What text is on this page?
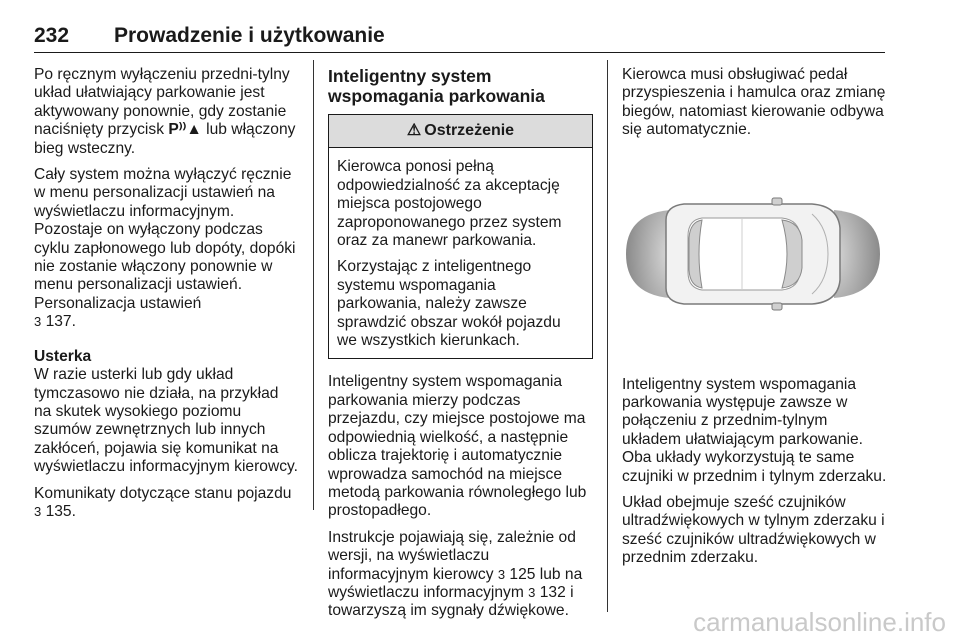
232 Prowadzenie i użytkowanie

Po ręcznym wyłączeniu przedni-tylny układ ułatwiający parkowanie jest aktywowany ponownie, gdy zostanie naciśnięty przycisk P⁾⁾▲ lub włączony bieg wsteczny.

Cały system można wyłączyć ręcznie w menu personalizacji ustawień na wyświetlaczu informacyjnym. Pozostaje on wyłączony podczas cyklu zapłonowego lub dopóty, dopóki nie zostanie włączony ponownie w menu personalizacji ustawień. Personalizacja ustawień
3 137.

Usterka

W razie usterki lub gdy układ tymczasowo nie działa, na przykład na skutek wysokiego poziomu szumów zewnętrznych lub innych zakłóceń, pojawia się komunikat na wyświetlaczu informacyjnym kierowcy.

Komunikaty dotyczące stanu pojazdu
3 135.

Inteligentny system wspomagania parkowania

⚠ Ostrzeżenie

Kierowca ponosi pełną odpowiedzialność za akceptację miejsca postojowego zaproponowanego przez system oraz za manewr parkowania.

Korzystając z inteligentnego systemu wspomagania parkowania, należy zawsze sprawdzić obszar wokół pojazdu we wszystkich kierunkach.

Inteligentny system wspomagania parkowania mierzy podczas przejazdu, czy miejsce postojowe ma odpowiednią wielkość, a następnie oblicza trajektorię i automatycznie wprowadza samochód na miejsce metodą parkowania równoległego lub prostopadłego.

Instrukcje pojawiają się, zależnie od wersji, na wyświetlaczu informacyjnym kierowcy 3 125 lub na wyświetlaczu informacyjnym 3 132 i towarzyszą im sygnały dźwiękowe.

Kierowca musi obsługiwać pedał przyspieszenia i hamulca oraz zmianę biegów, natomiast kierowanie odbywa się automatycznie.

Inteligentny system wspomagania parkowania występuje zawsze w połączeniu z przednim-tylnym układem ułatwiającym parkowanie. Oba układy wykorzystują te same czujniki w przednim i tylnym zderzaku.

Układ obejmuje sześć czujników ultradźwiękowych w tylnym zderzaku i sześć czujników ultradźwiękowych w przednim zderzaku.

carmanualsonline.info
